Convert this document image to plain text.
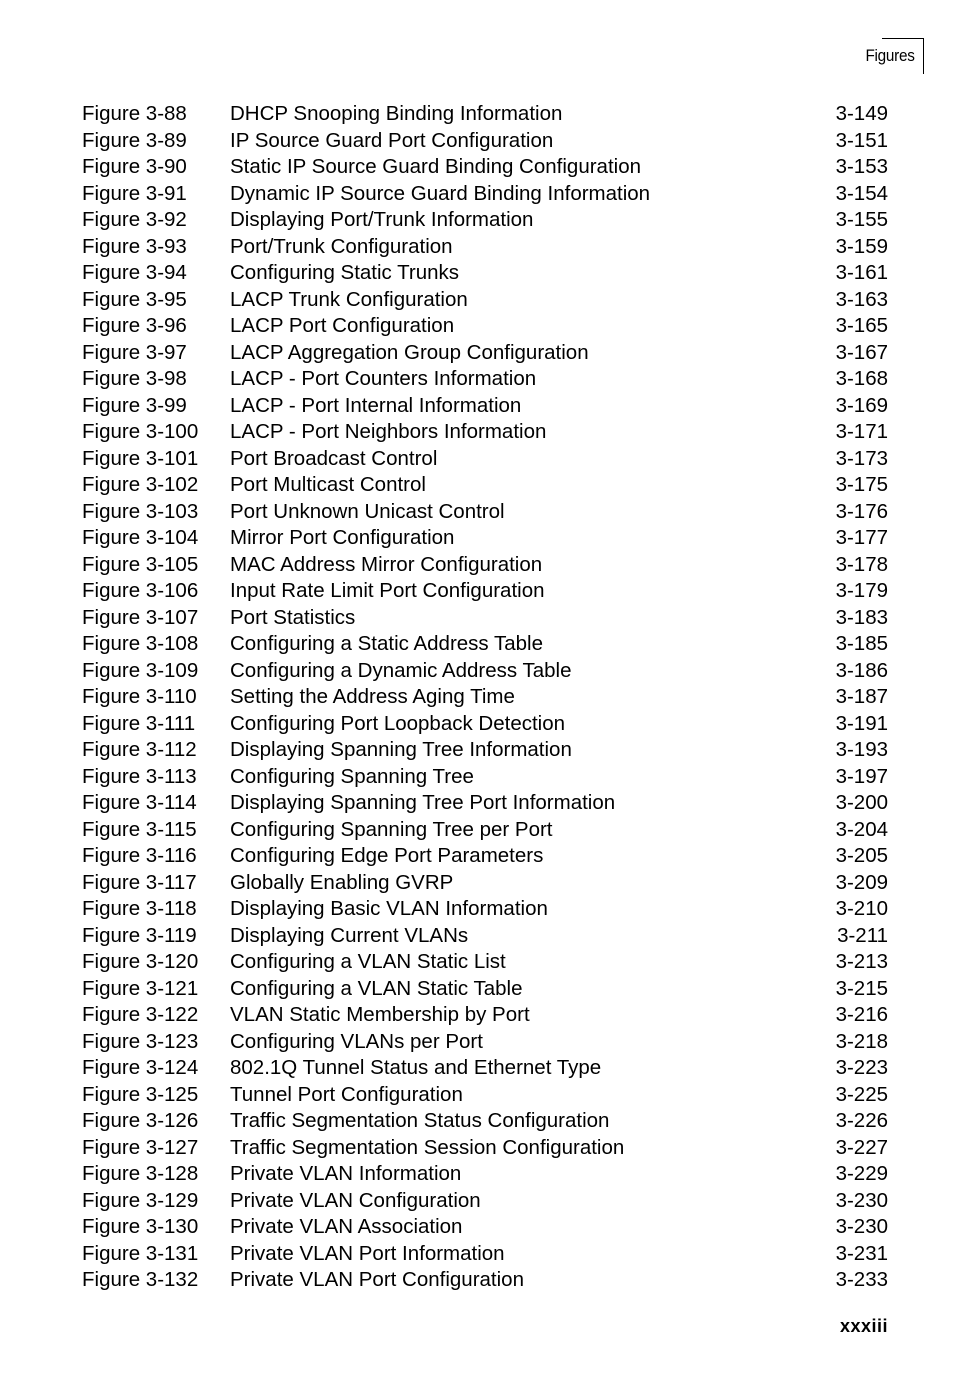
Figures
Figure 3-88	DHCP Snooping Binding Information	3-149
Figure 3-89	IP Source Guard Port Configuration	3-151
Figure 3-90	Static IP Source Guard Binding Configuration	3-153
Figure 3-91	Dynamic IP Source Guard Binding Information	3-154
Figure 3-92	Displaying Port/Trunk Information	3-155
Figure 3-93	Port/Trunk Configuration	3-159
Figure 3-94	Configuring Static Trunks	3-161
Figure 3-95	LACP Trunk Configuration	3-163
Figure 3-96	LACP Port Configuration	3-165
Figure 3-97	LACP Aggregation Group Configuration	3-167
Figure 3-98	LACP - Port Counters Information	3-168
Figure 3-99	LACP - Port Internal Information	3-169
Figure 3-100	LACP - Port Neighbors Information	3-171
Figure 3-101	Port Broadcast Control	3-173
Figure 3-102	Port Multicast Control	3-175
Figure 3-103	Port Unknown Unicast Control	3-176
Figure 3-104	Mirror Port Configuration	3-177
Figure 3-105	MAC Address Mirror Configuration	3-178
Figure 3-106	Input Rate Limit Port Configuration	3-179
Figure 3-107	Port Statistics	3-183
Figure 3-108	Configuring a Static Address Table	3-185
Figure 3-109	Configuring a Dynamic Address Table	3-186
Figure 3-110	Setting the Address Aging Time	3-187
Figure 3-111	Configuring Port Loopback Detection	3-191
Figure 3-112	Displaying Spanning Tree Information	3-193
Figure 3-113	Configuring Spanning Tree	3-197
Figure 3-114	Displaying Spanning Tree Port Information	3-200
Figure 3-115	Configuring Spanning Tree per Port	3-204
Figure 3-116	Configuring Edge Port Parameters	3-205
Figure 3-117	Globally Enabling GVRP	3-209
Figure 3-118	Displaying Basic VLAN Information	3-210
Figure 3-119	Displaying Current VLANs	3-211
Figure 3-120	Configuring a VLAN Static List	3-213
Figure 3-121	Configuring a VLAN Static Table	3-215
Figure 3-122	VLAN Static Membership by Port	3-216
Figure 3-123	Configuring VLANs per Port	3-218
Figure 3-124	802.1Q Tunnel Status and Ethernet Type	3-223
Figure 3-125	Tunnel Port Configuration	3-225
Figure 3-126	Traffic Segmentation Status Configuration	3-226
Figure 3-127	Traffic Segmentation Session Configuration	3-227
Figure 3-128	Private VLAN Information	3-229
Figure 3-129	Private VLAN Configuration	3-230
Figure 3-130	Private VLAN Association	3-230
Figure 3-131	Private VLAN Port Information	3-231
Figure 3-132	Private VLAN Port Configuration	3-233
xxxiii
